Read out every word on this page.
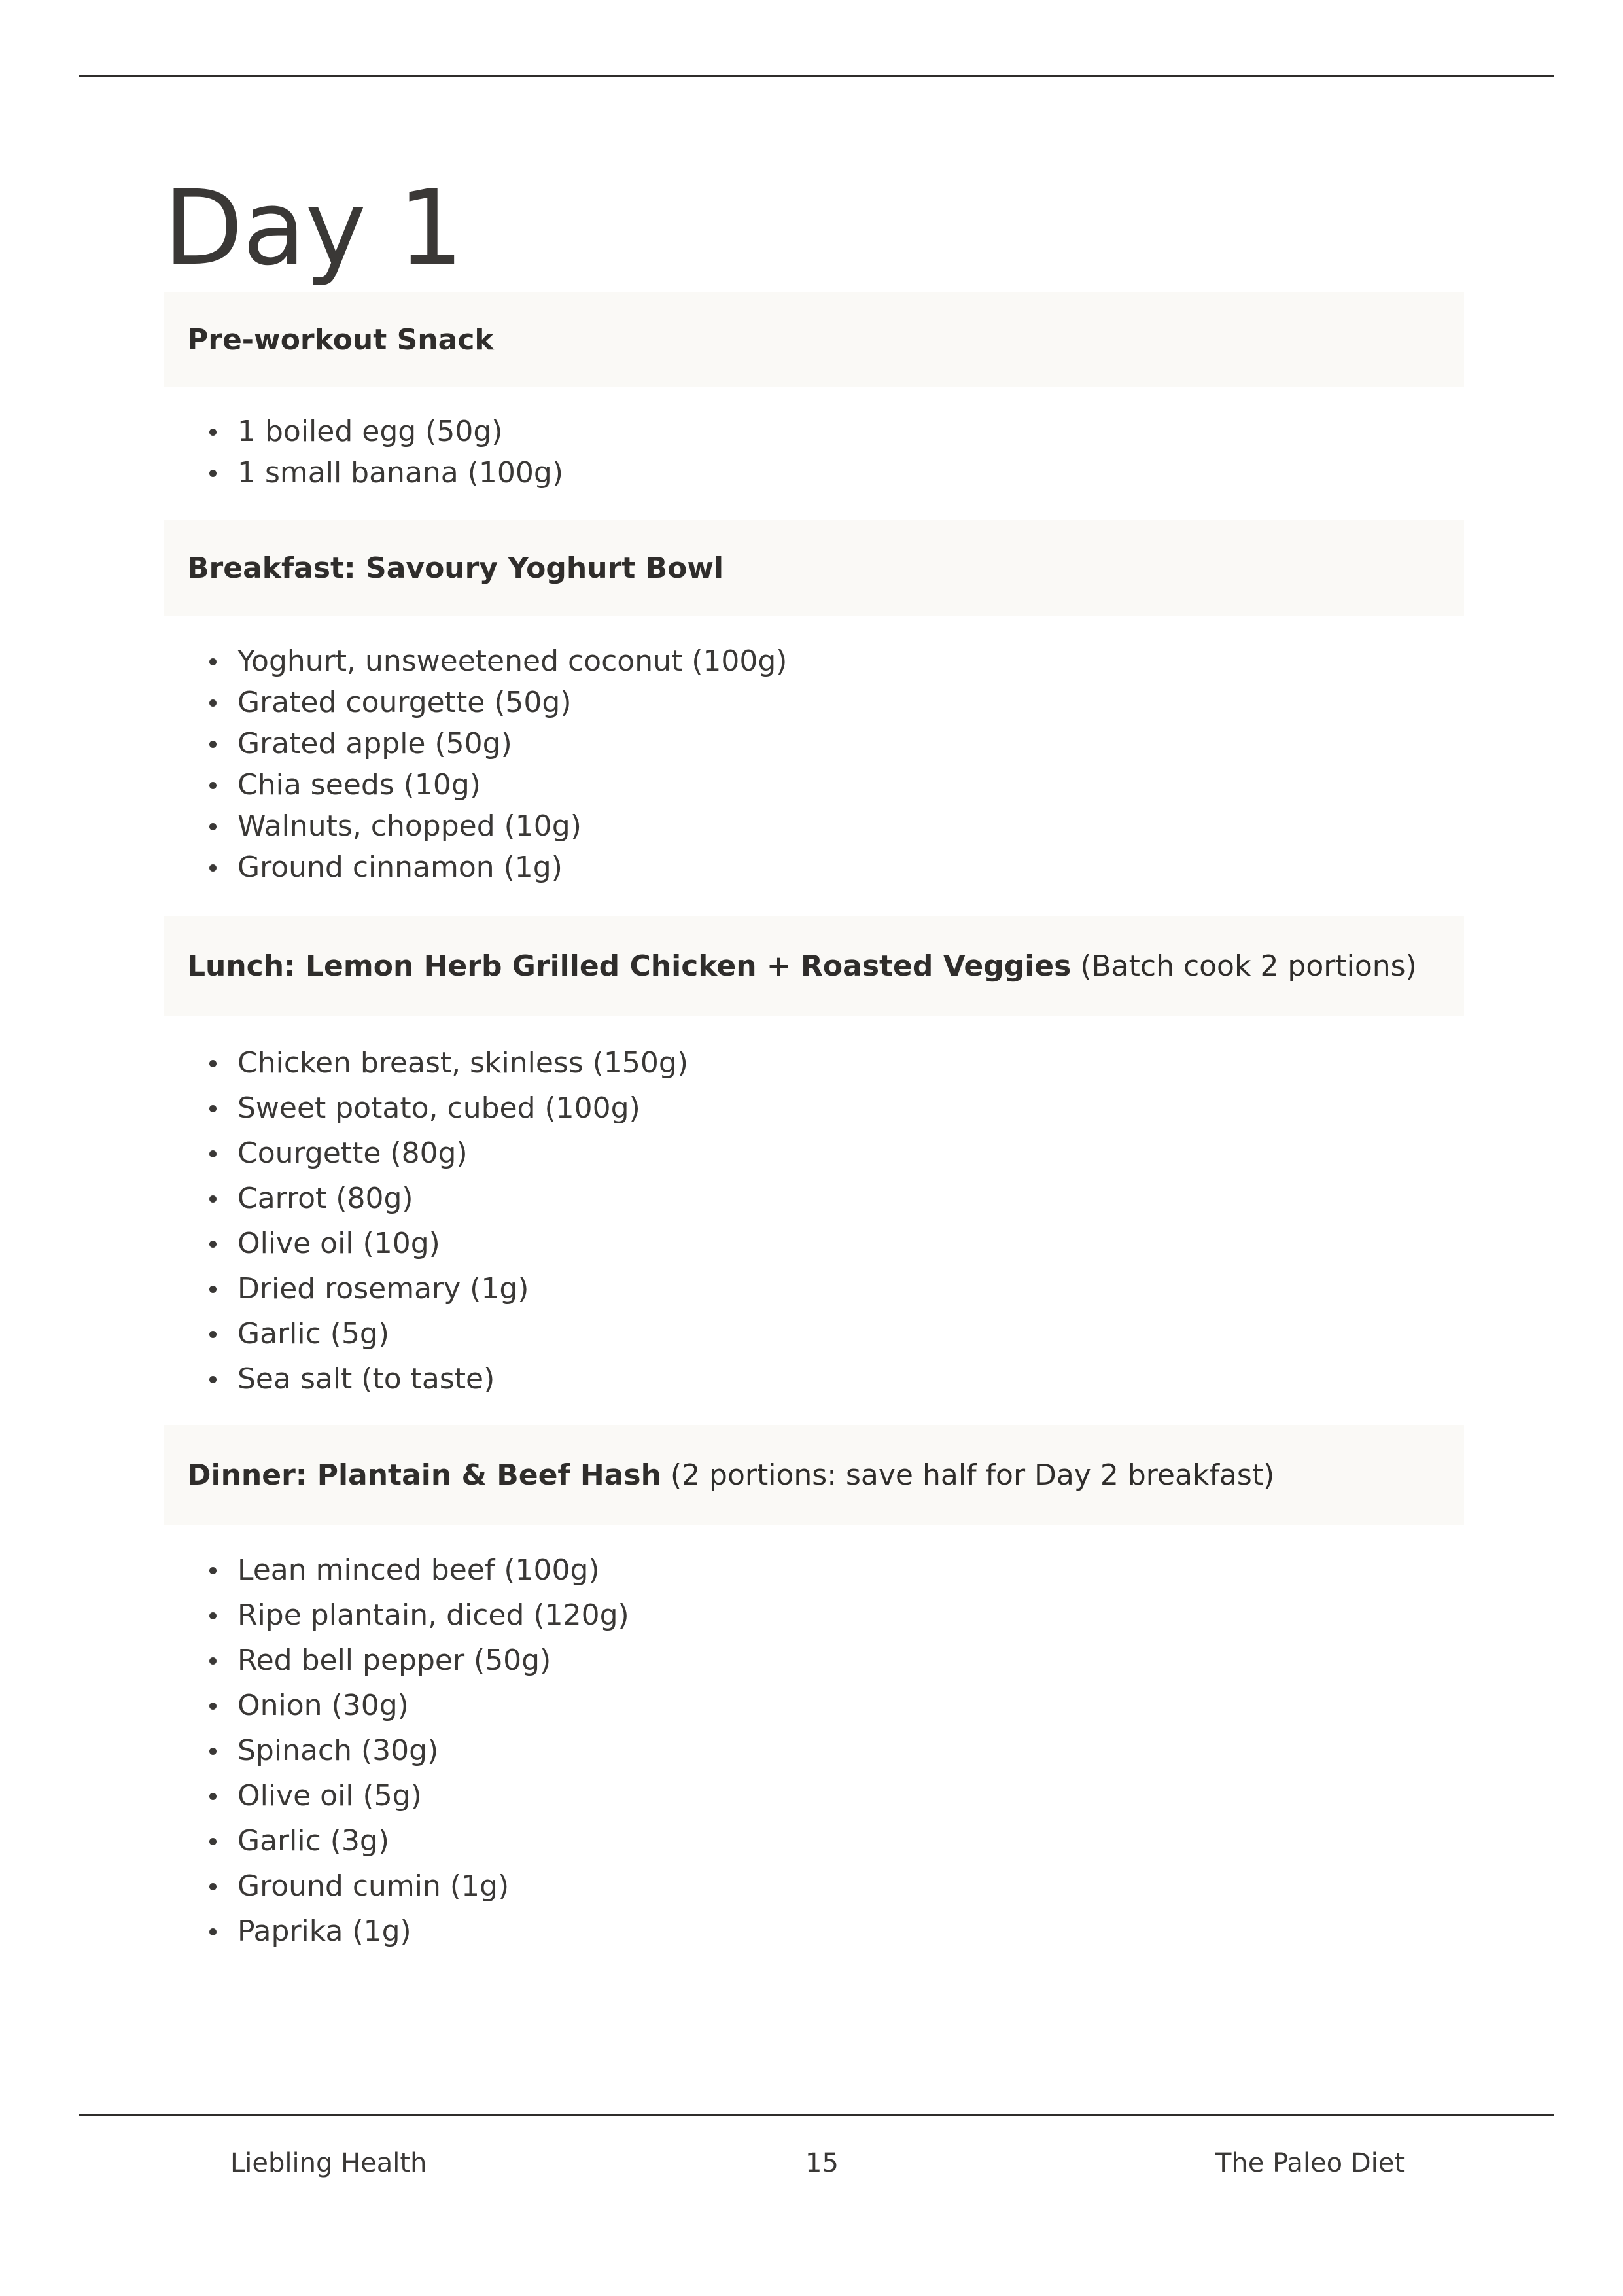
Day 1
Pre-workout Snack
1 boiled egg (50g)
1 small banana (100g)
Breakfast: Savoury Yoghurt Bowl
Yoghurt, unsweetened coconut (100g)
Grated courgette (50g)
Grated apple (50g)
Chia seeds (10g)
Walnuts, chopped (10g)
Ground cinnamon (1g)
Lunch: Lemon Herb Grilled Chicken + Roasted Veggies (Batch cook 2 portions)
Chicken breast, skinless (150g)
Sweet potato, cubed (100g)
Courgette (80g)
Carrot (80g)
Olive oil (10g)
Dried rosemary (1g)
Garlic (5g)
Sea salt (to taste)
Dinner: Plantain & Beef Hash (2 portions: save half for Day 2 breakfast)
Lean minced beef (100g)
Ripe plantain, diced (120g)
Red bell pepper (50g)
Onion (30g)
Spinach (30g)
Olive oil (5g)
Garlic (3g)
Ground cumin (1g)
Paprika (1g)
Liebling Health	15	The Paleo Diet
